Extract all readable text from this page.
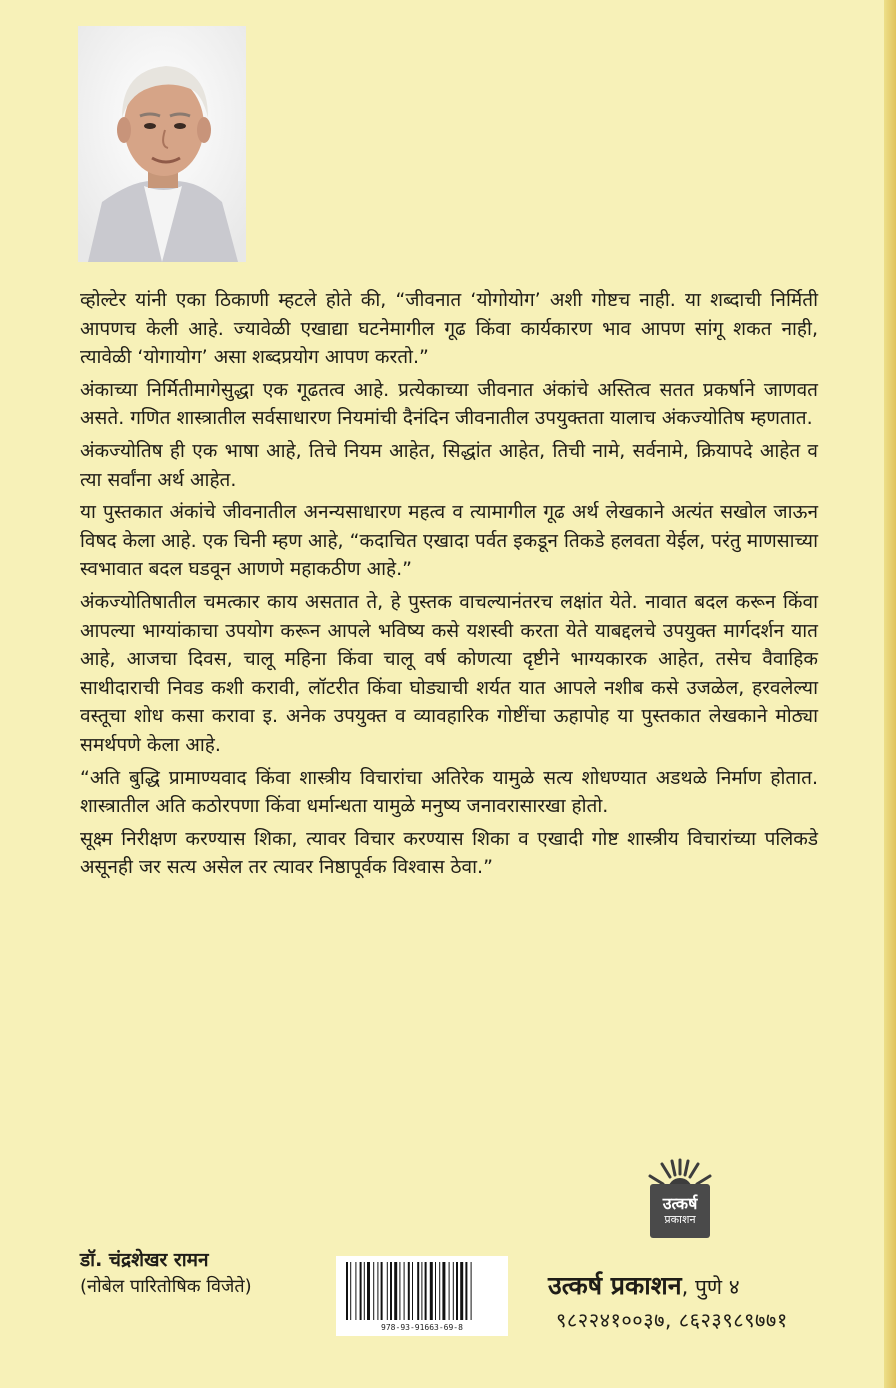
व्होल्टेर यांनी एका ठिकाणी म्हटले होते की, “जीवनात ‘योगोयोग’ अशी गोष्टच नाही. या शब्दाची निर्मिती आपणच केली आहे. ज्यावेळी एखाद्या घटनेमागील गूढ किंवा कार्यकारण भाव आपण सांगू शकत नाही, त्यावेळी ‘योगायोग’ असा शब्दप्रयोग आपण करतो.”

अंकाच्या निर्मितीमागेसुद्धा एक गूढतत्व आहे. प्रत्येकाच्या जीवनात अंकांचे अस्तित्व सतत प्रकर्षाने जाणवत असते. गणित शास्त्रातील सर्वसाधारण नियमांची दैनंदिन जीवनातील उपयुक्तता यालाच अंकज्योतिष म्हणतात.

अंकज्योतिष ही एक भाषा आहे, तिचे नियम आहेत, सिद्धांत आहेत, तिची नामे, सर्वनामे, क्रियापदे आहेत व त्या सर्वांना अर्थ आहेत.

या पुस्तकात अंकांचे जीवनातील अनन्यसाधारण महत्व व त्यामागील गूढ अर्थ लेखकाने अत्यंत सखोल जाऊन विषद केला आहे. एक चिनी म्हण आहे, “कदाचित एखादा पर्वत इकडून तिकडे हलवता येईल, परंतु माणसाच्या स्वभावात बदल घडवून आणणे महाकठीण आहे.”

अंकज्योतिषातील चमत्कार काय असतात ते, हे पुस्तक वाचल्यानंतरच लक्षांत येते. नावात बदल करून किंवा आपल्या भाग्यांकाचा उपयोग करून आपले भविष्य कसे यशस्वी करता येते याबद्दलचे उपयुक्त मार्गदर्शन यात आहे, आजचा दिवस, चालू महिना किंवा चालू वर्ष कोणत्या दृष्टीने भाग्यकारक आहेत, तसेच वैवाहिक साथीदाराची निवड कशी करावी, लॉटरीत किंवा घोड्याची शर्यत यात आपले नशीब कसे उजळेल, हरवलेल्या वस्तूचा शोध कसा करावा इ. अनेक उपयुक्त व व्यावहारिक गोष्टींचा ऊहापोह या पुस्तकात लेखकाने मोठ्या समर्थपणे केला आहे.

“अति बुद्धि प्रामाण्यवाद किंवा शास्त्रीय विचारांचा अतिरेक यामुळे सत्य शोधण्यात अडथळे निर्माण होतात. शास्त्रातील अति कठोरपणा किंवा धर्मान्धता यामुळे मनुष्य जनावरासारखा होतो.

सूक्ष्म निरीक्षण करण्यास शिका, त्यावर विचार करण्यास शिका व एखादी गोष्ट शास्त्रीय विचारांच्या पलिकडे असूनही जर सत्य असेल तर त्यावर निष्ठापूर्वक विश्वास ठेवा.”

डॉ. चंद्रशेखर रामन
(नोबेल पारितोषिक विजेते)
978-93-91663-69-8
उत्कर्ष
प्रकाशन
उत्कर्ष प्रकाशन, पुणे ४
९८२२४१००३७, ८६२३९८९७७१
